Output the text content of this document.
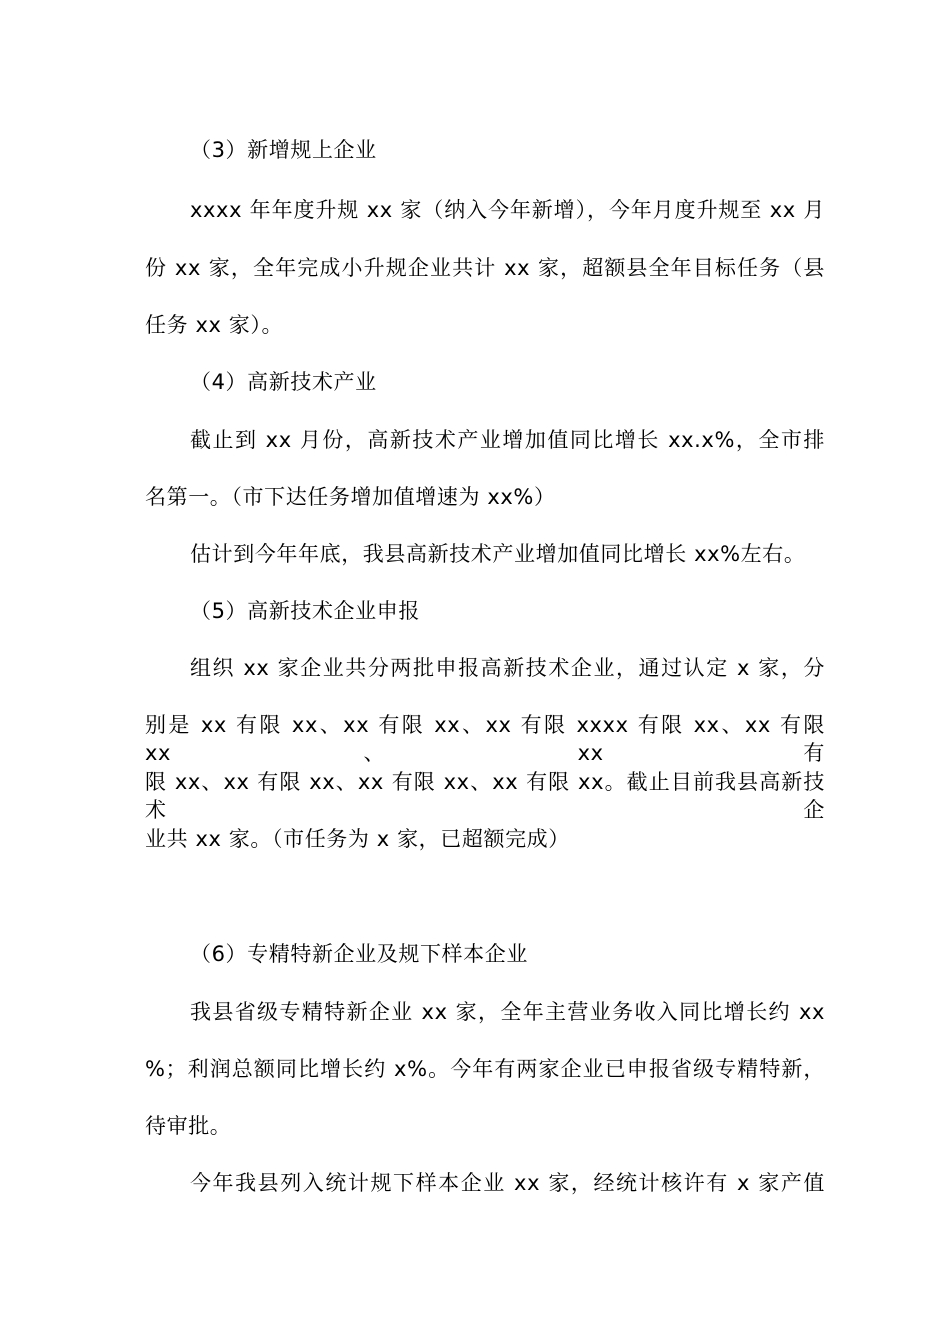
（3）新增规上企业
xxxx 年年度升规 xx 家（纳入今年新增），今年月度升规至 xx 月
份 xx 家，全年完成小升规企业共计 xx 家，超额县全年目标任务（县
任务 xx 家）。
（4）高新技术产业
截止到 xx 月份，高新技术产业增加值同比增长 xx.x%，全市排
名第一。（市下达任务增加值增速为 xx%）
估计到今年年底，我县高新技术产业增加值同比增长 xx%左右。
（5）高新技术企业申报
组织 xx 家企业共分两批申报高新技术企业，通过认定 x 家，分
别是 xx 有限 xx、xx 有限 xx、xx 有限 xxxx 有限 xx、xx 有限 xx、xx 有
限 xx、xx 有限 xx、xx 有限 xx、xx 有限 xx。截止目前我县高新技术企
业共 xx 家。（市任务为 x 家，已超额完成）
（6）专精特新企业及规下样本企业
我县省级专精特新企业 xx 家，全年主营业务收入同比增长约 xx
%；利润总额同比增长约 x%。今年有两家企业已申报省级专精特新，
待审批。
今年我县列入统计规下样本企业 xx 家，经统计核许有 x 家产值
